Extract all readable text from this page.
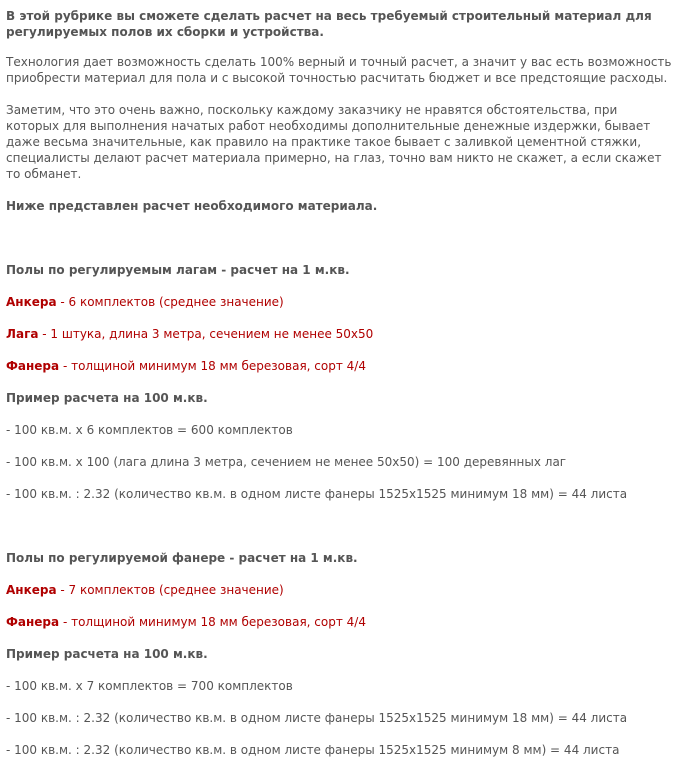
В этой рубрике вы сможете сделать расчет на весь требуемый строительный материал для регулируемых полов их сборки и устройства.

Технология дает возможность сделать 100% верный и точный расчет, а значит у вас есть возможность приобрести материал для пола и с высокой точностью расчитать бюджет и все предстоящие расходы.

Заметим, что это очень важно, поскольку каждому заказчику не нравятся обстоятельства, при которых для выполнения начатых работ необходимы дополнительные денежные издержки, бывает даже весьма значительные, как правило на практике такое бывает с заливкой цементной стяжки, специалисты делают расчет материала примерно, на глаз, точно вам никто не скажет, а если скажет то обманет.

Ниже представлен расчет необходимого материала.

Полы по регулируемым лагам - расчет на 1 м.кв.

Анкера - 6 комплектов (среднее значение)

Лага - 1 штука, длина 3 метра, сечением не менее 50х50

Фанера - толщиной минимум 18 мм березовая, сорт 4/4

Пример расчета на 100 м.кв.

- 100 кв.м. х 6 комплектов = 600 комплектов

- 100 кв.м. х 100 (лага длина 3 метра, сечением не менее 50х50) = 100 деревянных лаг

- 100 кв.м. : 2.32 (количество кв.м. в одном листе фанеры 1525х1525 минимум 18 мм) = 44 листа

Полы по регулируемой фанере - расчет на 1 м.кв.

Анкера - 7 комплектов (среднее значение)

Фанера - толщиной минимум 18 мм березовая, сорт 4/4

Пример расчета на 100 м.кв.

- 100 кв.м. х 7 комплектов = 700 комплектов

- 100 кв.м. : 2.32 (количество кв.м. в одном листе фанеры 1525х1525 минимум 18 мм) = 44 листа

- 100 кв.м. : 2.32 (количество кв.м. в одном листе фанеры 1525х1525 минимум 8 мм) = 44 листа
